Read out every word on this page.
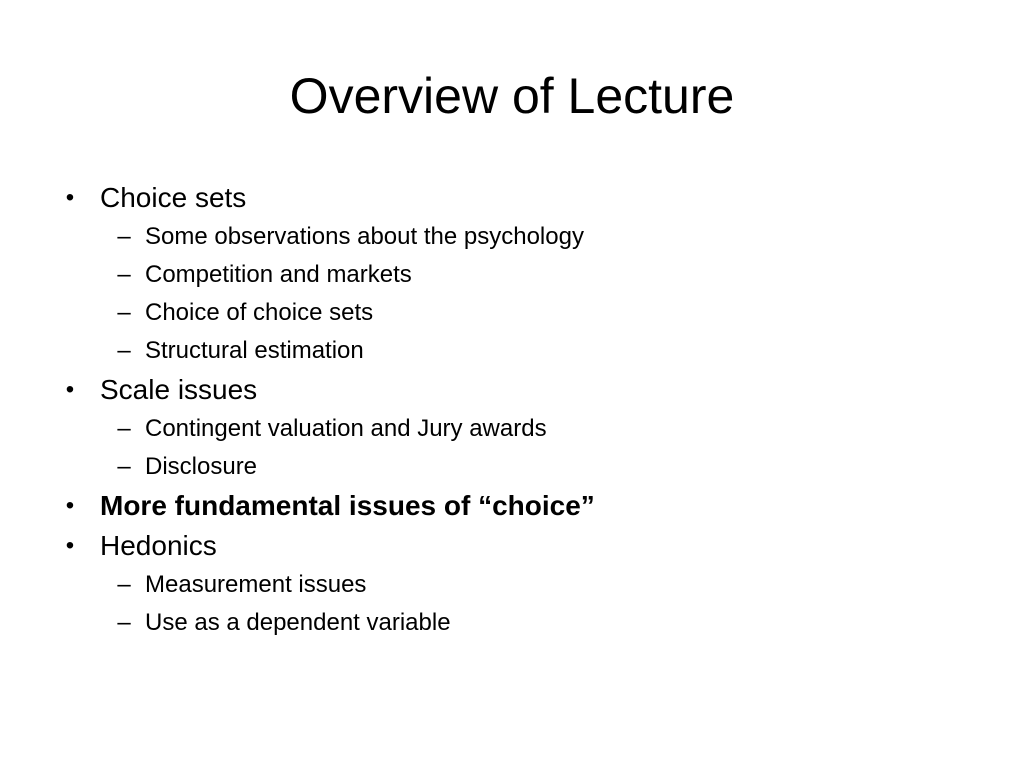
Overview of Lecture
• Choice sets
– Some observations about the psychology
– Competition and markets
– Choice of choice sets
– Structural estimation
• Scale issues
– Contingent valuation and Jury awards
– Disclosure
• More fundamental issues of “choice”
• Hedonics
– Measurement issues
– Use as a dependent variable
